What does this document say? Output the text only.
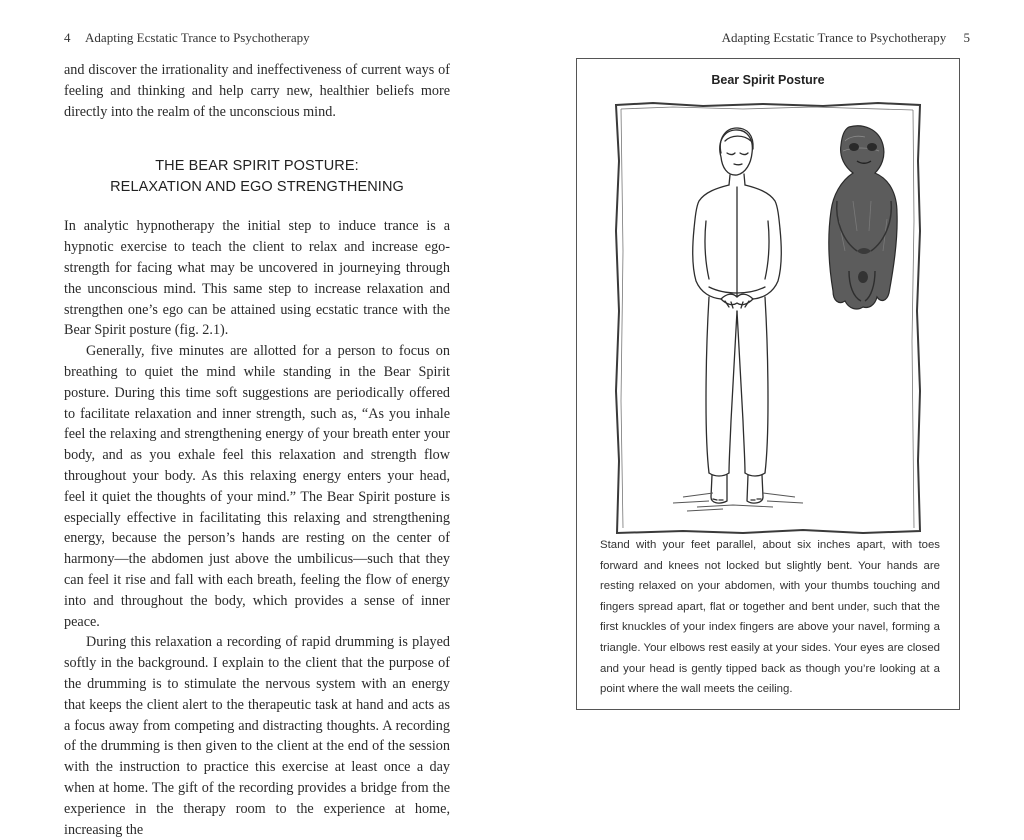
4 Adapting Ecstatic Trance to Psychotherapy

and discover the irrationality and ineffectiveness of current ways of feeling and thinking and help carry new, healthier beliefs more directly into the realm of the unconscious mind.

THE BEAR SPIRIT POSTURE:
RELAXATION AND EGO STRENGTHENING

In analytic hypnotherapy the initial step to induce trance is a hypnotic exercise to teach the client to relax and increase ego-strength for facing what may be uncovered in journeying through the unconscious mind. This same step to increase relaxation and strengthen one’s ego can be attained using ecstatic trance with the Bear Spirit posture (fig. 2.1).

Generally, five minutes are allotted for a person to focus on breathing to quiet the mind while standing in the Bear Spirit posture. During this time soft suggestions are periodically offered to facilitate relaxation and inner strength, such as, “As you inhale feel the relaxing and strengthening energy of your breath enter your body, and as you exhale feel this relaxation and strength flow throughout your body. As this relaxing energy enters your head, feel it quiet the thoughts of your mind.” The Bear Spirit posture is especially effective in facilitating this relaxing and strengthening energy, because the person’s hands are resting on the center of harmony—the abdomen just above the umbilicus—such that they can feel it rise and fall with each breath, feeling the flow of energy into and throughout the body, which provides a sense of inner peace.

During this relaxation a recording of rapid drumming is played softly in the background. I explain to the client that the purpose of the drumming is to stimulate the nervous system with an energy that keeps the client alert to the therapeutic task at hand and acts as a focus away from competing and distracting thoughts. A recording of the drumming is then given to the client at the end of the session with the instruction to practice this exercise at least once a day when at home. The gift of the recording provides a bridge from the experience in the therapy room to the experience at home, increasing the

Adapting Ecstatic Trance to Psychotherapy 5
Bear Spirit Posture

Stand with your feet parallel, about six inches apart, with toes forward and knees not locked but slightly bent. Your hands are resting relaxed on your abdomen, with your thumbs touching and fingers spread apart, flat or together and bent under, such that the first knuckles of your index fingers are above your navel, forming a triangle. Your elbows rest easily at your sides. Your eyes are closed and your head is gently tipped back as though you’re looking at a point where the wall meets the ceiling.
